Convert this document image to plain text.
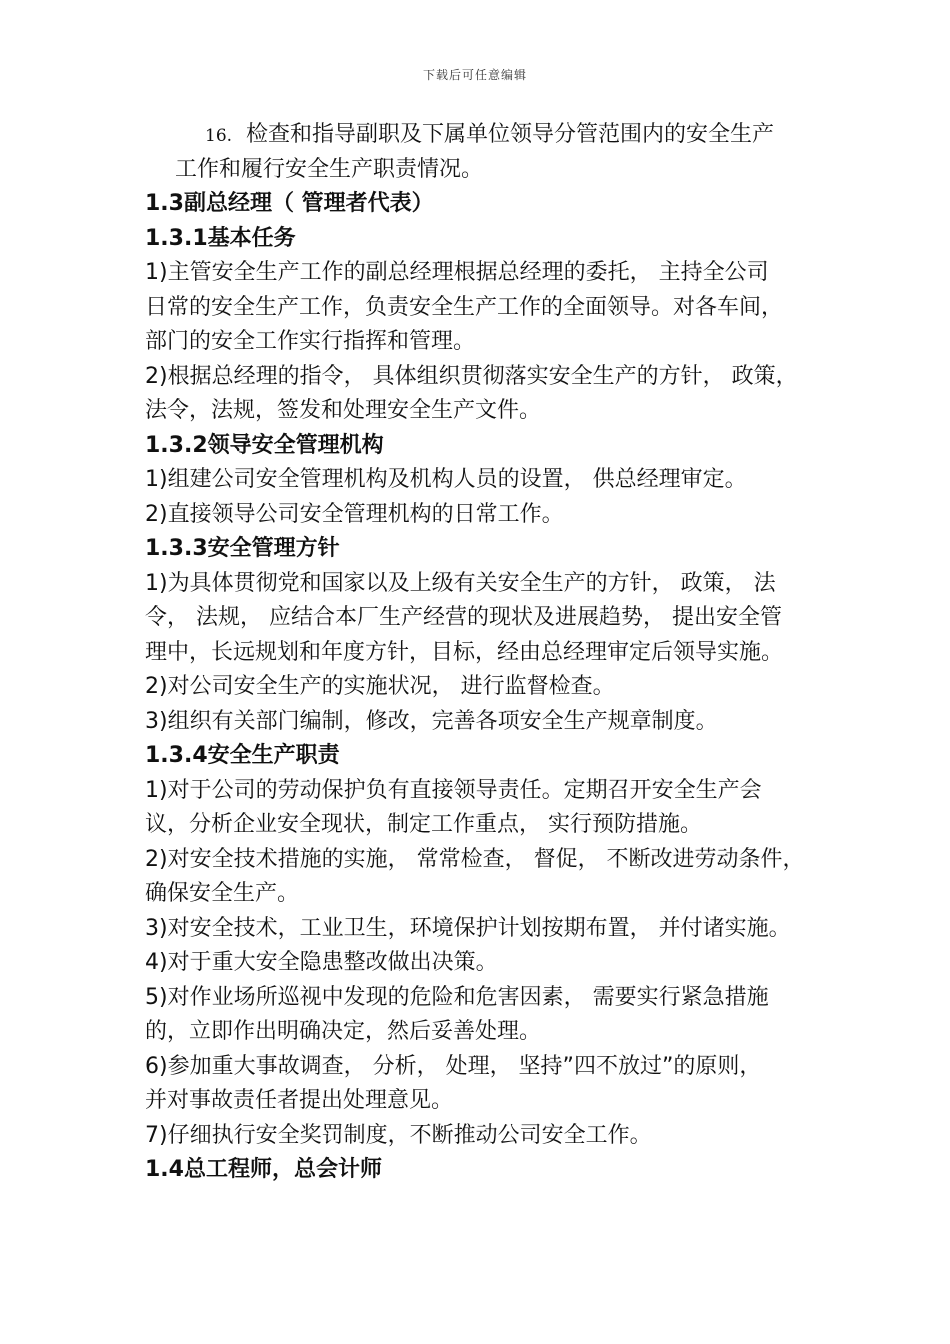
下载后可任意编辑
16. 检查和指导副职及下属单位领导分管范围内的安全生产
工作和履行安全生产职责情况。
1.3副总经理（ 管理者代表）
1.3.1基本任务
1)主管安全生产工作的副总经理根据总经理的委托， 主持全公司
日常的安全生产工作，负责安全生产工作的全面领导。对各车间，
部门的安全工作实行指挥和管理。
2)根据总经理的指令， 具体组织贯彻落实安全生产的方针， 政策，
法令，法规，签发和处理安全生产文件。
1.3.2领导安全管理机构
1)组建公司安全管理机构及机构人员的设置， 供总经理审定。
2)直接领导公司安全管理机构的日常工作。
1.3.3安全管理方针
1)为具体贯彻党和国家以及上级有关安全生产的方针， 政策， 法
令， 法规， 应结合本厂生产经营的现状及进展趋势， 提出安全管
理中，长远规划和年度方针，目标，经由总经理审定后领导实施。
2)对公司安全生产的实施状况， 进行监督检查。
3)组织有关部门编制，修改，完善各项安全生产规章制度。
1.3.4安全生产职责
1)对于公司的劳动保护负有直接领导责任。定期召开安全生产会
议，分析企业安全现状，制定工作重点， 实行预防措施。
2)对安全技术措施的实施， 常常检查， 督促， 不断改进劳动条件，
确保安全生产。
3)对安全技术，工业卫生，环境保护计划按期布置， 并付诸实施。
4)对于重大安全隐患整改做出决策。
5)对作业场所巡视中发现的危险和危害因素， 需要实行紧急措施
的，立即作出明确决定，然后妥善处理。
6)参加重大事故调查， 分析， 处理， 坚持”四不放过”的原则，
并对事故责任者提出处理意见。
7)仔细执行安全奖罚制度，不断推动公司安全工作。
1.4总工程师，总会计师
